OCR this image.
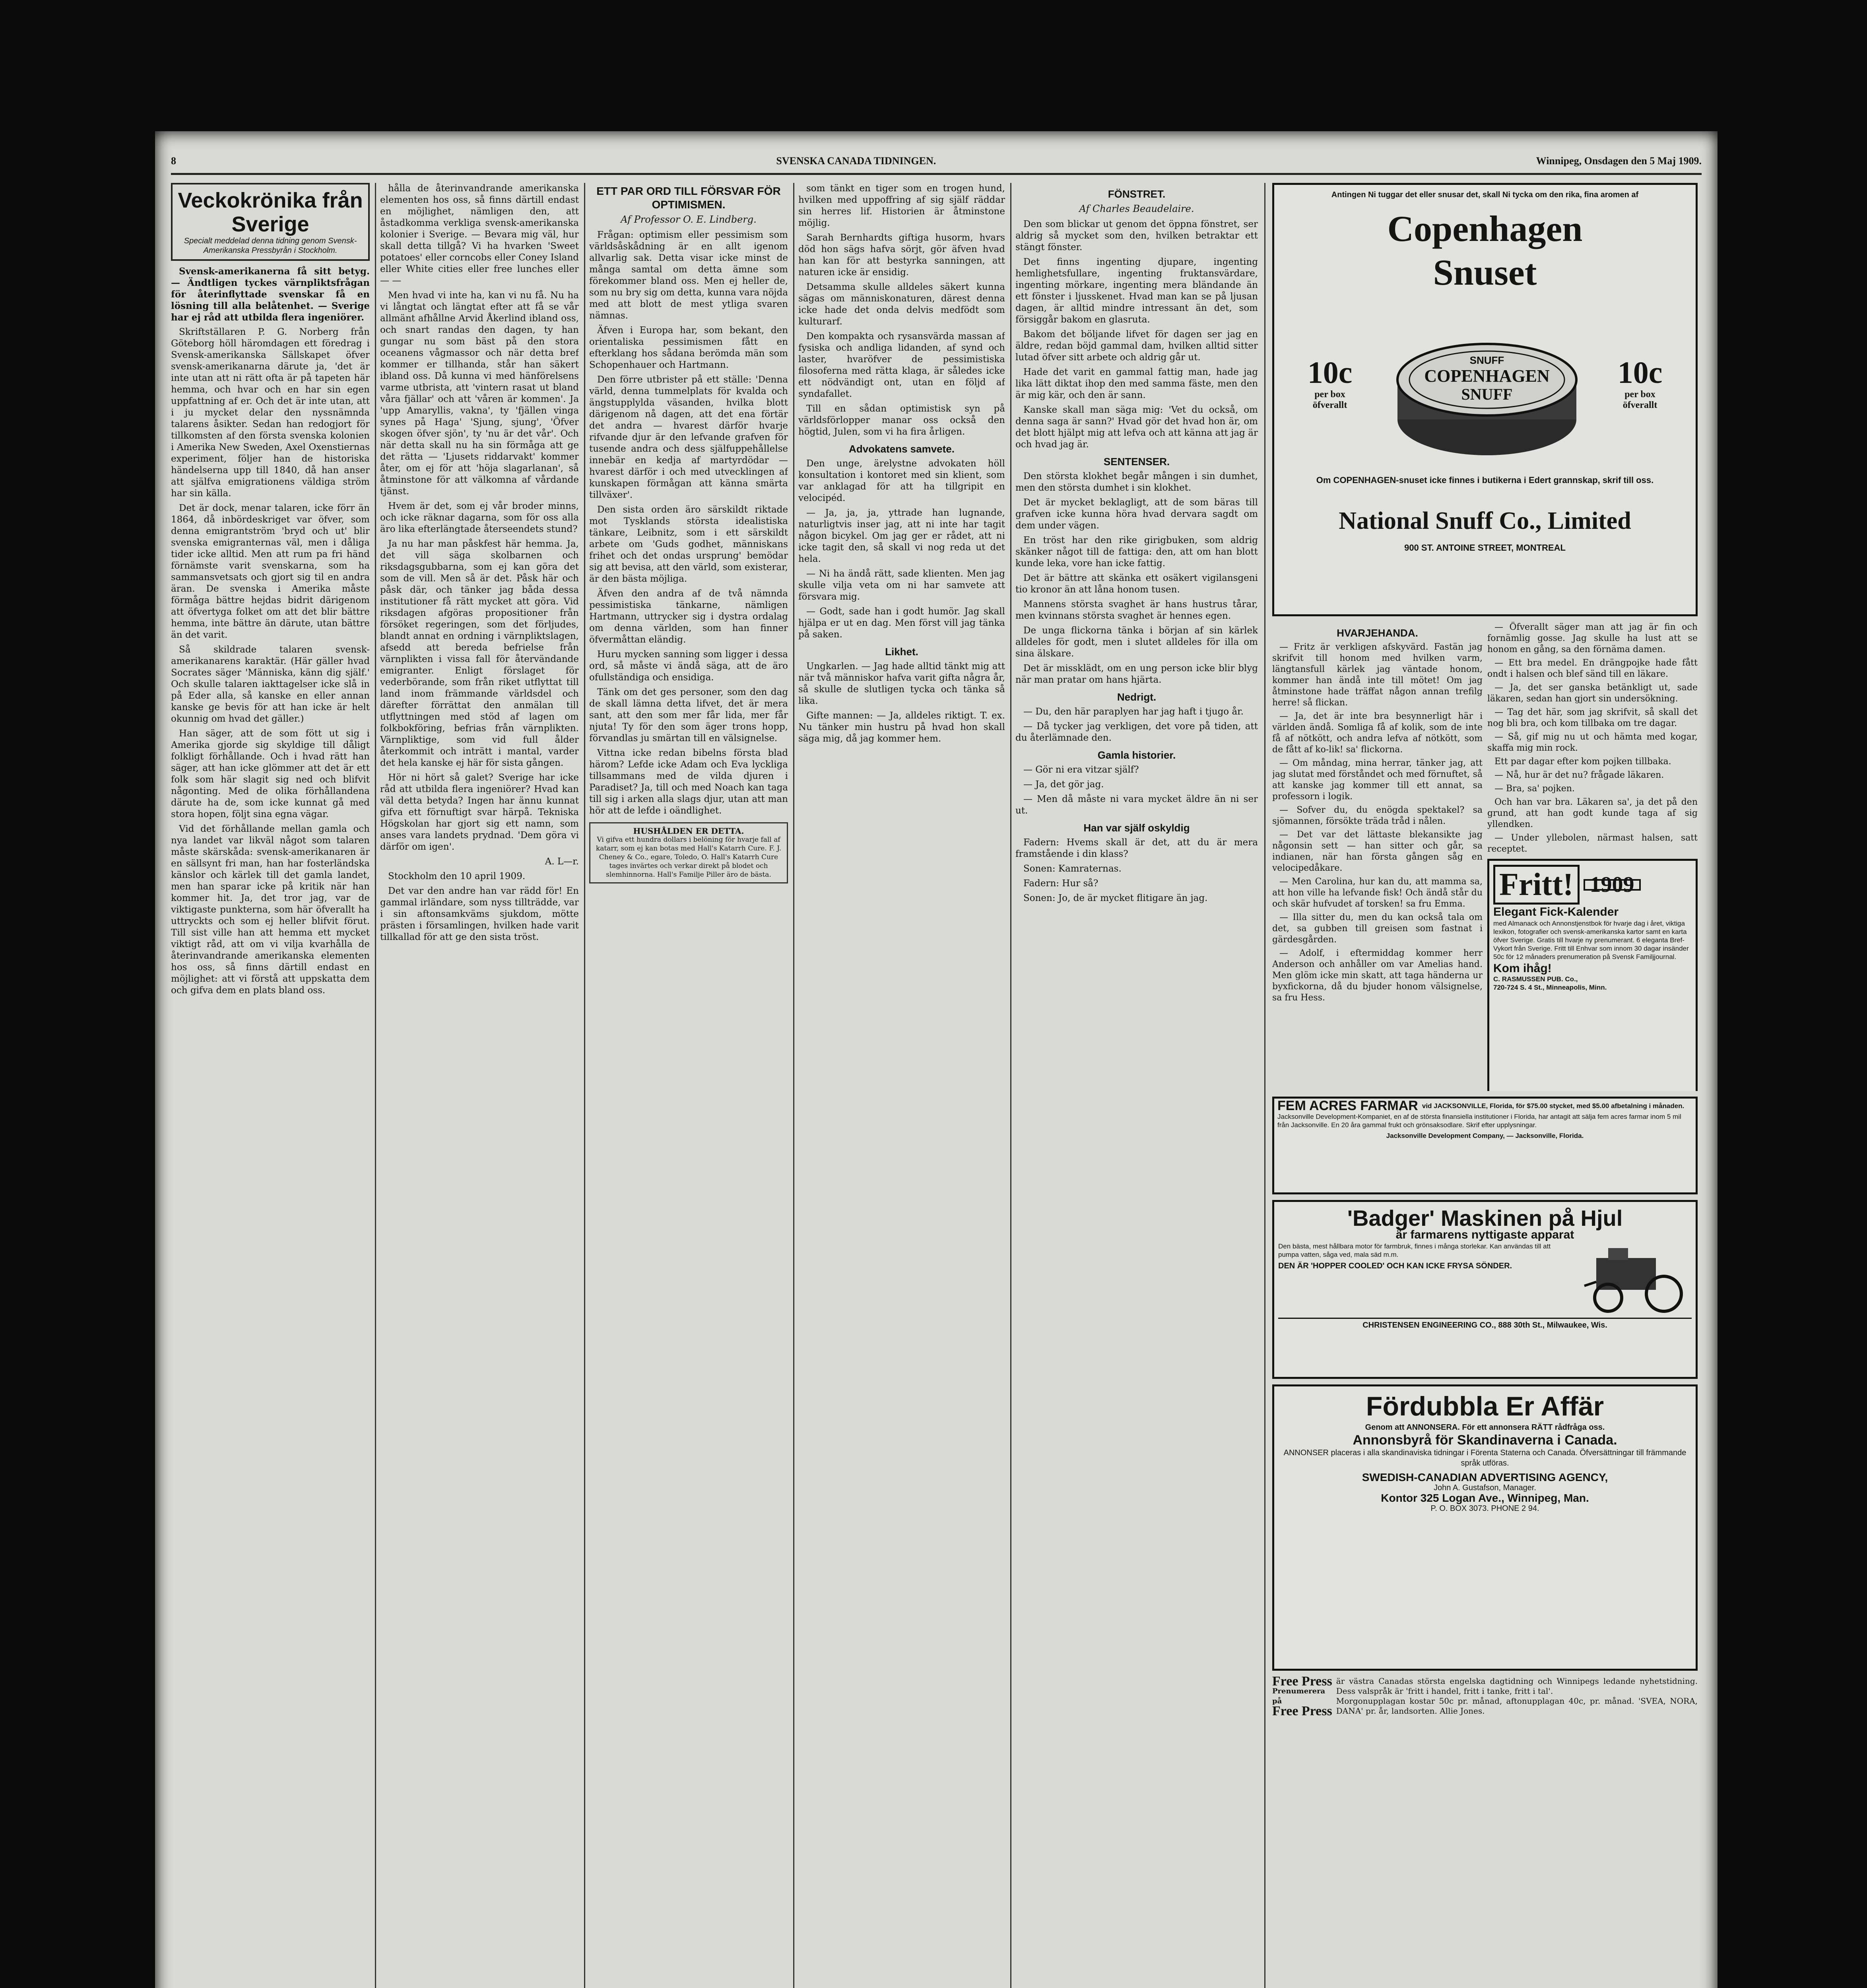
8	SVENSKA CANADA TIDNINGEN.	Winnipeg, Onsdagen den 5 Maj 1909.
Veckokrönika från Sverige
Specialt meddelad denna tidning genom Svensk-Amerikanska Pressbyrån i Stockholm.

Svensk-amerikanerna få sitt betyg. — Ändtligen tyckes värnpliktsfrågan för återinflyttade svenskar få en lösning till alla belåtenhet. — Sverige har ej råd att utbilda flera ingeniörer.

Skriftställaren P. G. Norberg från Göteborg höll häromdagen ett föredrag i Svensk-amerikanska Sällskapet öfver svensk-amerikanarna därute ja, 'det är inte utan att ni rätt ofta är på tapeten här hemma, och hvar och en har sin egen uppfattning af er. Och det är inte utan, att i ju mycket delar den nyssnämnda talarens åsikter. Sedan han redogjort för tillkomsten af den första svenska kolonien i Amerika New Sweden, Axel Oxenstiernas experiment, följer han de historiska händelserna upp till 1840, då han anser att själfva emigrationens väldiga ström har sin källa.

Det är dock, menar talaren, icke förr än 1864, då inbördeskriget var öfver, som denna emigrantström 'bryd och ut' blir svenska emigranternas väl, men i dåliga tider icke alltid. Men att rum pa fri händ förnämste varit svenskarna, som ha sammansvetsats och gjort sig til en andra äran. De svenska i Amerika måste förmåga bättre hejdas bidrit därigenom att öfvertyga folket om att det blir bättre hemma, inte bättre än därute, utan bättre än det varit.

Så skildrade talaren svensk-amerikanarens karaktär. (Här gäller hvad Socrates säger 'Människa, känn dig själf.' Och skulle talaren iakttagelser icke slå in på Eder alla, så kanske en eller annan kanske ge bevis för att han icke är helt okunnig om hvad det gäller.)

Han säger, att de som fött ut sig i Amerika gjorde sig skyldige till dåligt folkligt förhållande. Och i hvad rätt han säger, att han icke glömmer att det är ett folk som här slagit sig ned och blifvit någonting. Med de olika förhållandena därute ha de, som icke kunnat gå med stora hopen, följt sina egna vägar.

Vid det förhållande mellan gamla och nya landet var likväl något som talaren måste skärskåda: svensk-amerikanaren är en sällsynt fri man, han har fosterländska känslor och kärlek till det gamla landet, men han sparar icke på kritik när han kommer hit. Ja, det tror jag, var de viktigaste punkterna, som här öfverallt ha uttryckts och som ej heller blifvit förut. Till sist ville han att hemma ett mycket viktigt råd, att om vi vilja kvarhålla de återinvandrande amerikanska elementen hos oss, så finns därtill endast en möjlighet: att vi förstå att uppskatta dem och gifva dem en plats bland oss.

hålla de återinvandrande amerikanska elementen hos oss, så finns därtill endast en möjlighet, nämligen den, att åstadkomma verkliga svensk-amerikanska kolonier i Sverige. — Bevara mig väl, hur skall detta tillgå? Vi ha hvarken 'Sweet potatoes' eller corncobs eller Coney Island eller White cities eller free lunches eller — —

Men hvad vi inte ha, kan vi nu få. Nu ha vi långtat och längtat efter att få se vår allmänt afhållne Arvid Åkerlind ibland oss, och snart randas den dagen, ty han gungar nu som bäst på den stora oceanens vågmassor och när detta bref kommer er tillhanda, står han säkert ibland oss. Då kunna vi med hänförelsens varme utbrista, att 'vintern rasat ut bland våra fjällar' och att 'våren är kommen'. Ja 'upp Amaryllis, vakna', ty 'fjällen vinga synes på Haga' 'Sjung, sjung', 'Öfver skogen öfver sjön', ty 'nu är det vår'. Och när detta skall nu ha sin förmåga att ge det rätta — 'Ljusets riddarvakt' kommer åter, om ej för att 'höja slagarlanan', så åtminstone för att välkomna af vårdande tjänst.

Hvem är det, som ej vår broder minns, och icke räknar dagarna, som för oss alla äro lika efterlängtade återseendets stund?

Ja nu har man påskfest här hemma. Ja, det vill säga skolbarnen och riksdagsgubbarna, som ej kan göra det som de vill. Men så är det. Påsk här och påsk där, och tänker jag båda dessa institutioner få rätt mycket att göra. Vid riksdagen afgöras propositioner från försöket regeringen, som det förljudes, blandt annat en ordning i värnpliktslagen, afsedd att bereda befrielse från värnplikten i vissa fall för återvändande emigranter. Enligt förslaget för vederbörande, som från riket utflyttat till land inom främmande världsdel och därefter förrättat den anmälan till utflyttningen med stöd af lagen om folkbokföring, befrias från värnplikten. Värnpliktige, som vid full ålder återkommit och inträtt i mantal, varder det hela kanske ej här för sista gången.

Hör ni hört så galet? Sverige har icke råd att utbilda flera ingeniörer? Hvad kan väl detta betyda? Ingen har ännu kunnat gifva ett förnuftigt svar härpå. Tekniska Högskolan har gjort sig ett namn, som anses vara landets prydnad. 'Dem göra vi därför om igen'.

A. L—r.

Stockholm den 10 april 1909.

Det var den andre han var rädd för! En gammal irländare, som nyss tillträdde, var i sin aftonsamkväms sjukdom, mötte prästen i församlingen, hvilken hade varit tillkallad för att ge den sista tröst.

ETT PAR ORD TILL FÖRSVAR FÖR OPTIMISMEN.
Af Professor O. E. Lindberg.

Frågan: optimism eller pessimism som världsåskådning är en allt igenom allvarlig sak. Detta visar icke minst de många samtal om detta ämne som förekommer bland oss. Men ej heller de, som nu bry sig om detta, kunna vara nöjda med att blott de mest ytliga svaren nämnas.

Äfven i Europa har, som bekant, den orientaliska pessimismen fått en efterklang hos sådana berömda män som Schopenhauer och Hartmann.

Den förre utbrister på ett ställe: 'Denna värld, denna tummelplats för kvalda och ängstupplylda väsanden, hvilka blott därigenom nå dagen, att det ena förtär det andra — hvarest därför hvarje rifvande djur är den lefvande grafven för tusende andra och dess själfuppehållelse innebär en kedja af martyrdödar — hvarest därför i och med utvecklingen af kunskapen förmågan att känna smärta tillväxer'.

Den sista orden äro särskildt riktade mot Tysklands största idealistiska tänkare, Leibnitz, som i ett särskildt arbete om 'Guds godhet, människans frihet och det ondas ursprung' bemödar sig att bevisa, att den värld, som existerar, är den bästa möjliga.

Äfven den andra af de två nämnda pessimistiska tänkarne, nämligen Hartmann, uttrycker sig i dystra ordalag om denna världen, som han finner öfvermåttan eländig.

Huru mycken sanning som ligger i dessa ord, så måste vi ändå säga, att de äro ofullständiga och ensidiga.

Tänk om det ges personer, som den dag de skall lämna detta lifvet, det är mera sant, att den som mer får lida, mer får njuta! Ty för den som äger trons hopp, förvandlas ju smärtan till en välsignelse.

Vittna icke redan bibelns första blad härom? Lefde icke Adam och Eva lyckliga tillsammans med de vilda djuren i Paradiset? Ja, till och med Noach kan taga till sig i arken alla slags djur, utan att man hör att de lefde i oändlighet.

HUSHÅLDEN ER DETTA.
Vi gifva ett hundra dollars i belöning för hvarje fall af katarr, som ej kan botas med Hall's Katarrh Cure. F. J. Cheney & Co., egare, Toledo, O. Hall's Katarrh Cure tages invärtes och verkar direkt på blodet och slemhinnorna. Hall's Familje Piller äro de bästa.

som tänkt en tiger som en trogen hund, hvilken med uppoffring af sig själf räddar sin herres lif. Historien är åtminstone möjlig.

Sarah Bernhardts giftiga husorm, hvars död hon sägs hafva sörjt, gör äfven hvad han kan för att bestyrka sanningen, att naturen icke är ensidig.

Detsamma skulle alldeles säkert kunna sägas om människonaturen, därest denna icke hade det onda delvis medfödt som kulturarf.

Den kompakta och rysansvärda massan af fysiska och andliga lidanden, af synd och laster, hvaröfver de pessimistiska filosoferna med rätta klaga, är således icke ett nödvändigt ont, utan en följd af syndafallet.

Till en sådan optimistisk syn på världsförlopper manar oss också den högtid, Julen, som vi ha fira årligen.

Advokatens samvete.

Den unge, ärelystne advokaten höll konsultation i kontoret med sin klient, som var anklagad för att ha tillgripit en velocipéd.

— Ja, ja, ja, yttrade han lugnande, naturligtvis inser jag, att ni inte har tagit någon bicykel. Om jag ger er rådet, att ni icke tagit den, så skall vi nog reda ut det hela.

— Ni ha ändå rätt, sade klienten. Men jag skulle vilja veta om ni har samvete att försvara mig.

— Godt, sade han i godt humör. Jag skall hjälpa er ut en dag. Men först vill jag tänka på saken.

Likhet.

Ungkarlen. — Jag hade alltid tänkt mig att när två människor hafva varit gifta några år, så skulle de slutligen tycka och tänka så lika.

Gifte mannen: — Ja, alldeles riktigt. T. ex. Nu tänker min hustru på hvad hon skall säga mig, då jag kommer hem.

FÖNSTRET.
Af Charles Beaudelaire.

Den som blickar ut genom det öppna fönstret, ser aldrig så mycket som den, hvilken betraktar ett stängt fönster.

Det finns ingenting djupare, ingenting hemlighetsfullare, ingenting fruktansvärdare, ingenting mörkare, ingenting mera bländande än ett fönster i ljusskenet. Hvad man kan se på ljusan dagen, är alltid mindre intressant än det, som försiggår bakom en glasruta.

Bakom det böljande lifvet för dagen ser jag en äldre, redan böjd gammal dam, hvilken alltid sitter lutad öfver sitt arbete och aldrig går ut.

Hade det varit en gammal fattig man, hade jag lika lätt diktat ihop den med samma fäste, men den är mig kär, och den är sann.

Kanske skall man säga mig: 'Vet du också, om denna saga är sann?' Hvad gör det hvad hon är, om det blott hjälpt mig att lefva och att känna att jag är och hvad jag är.

SENTENSER.

Den största klokhet begår mången i sin dumhet, men den största dumhet i sin klokhet.

Det är mycket beklagligt, att de som bäras till grafven icke kunna höra hvad dervara sagdt om dem under vägen.

En tröst har den rike girigbuken, som aldrig skänker något till de fattiga: den, att om han blott kunde leka, vore han icke fattig.

Det är bättre att skänka ett osäkert vigilansgeni tio kronor än att låna honom tusen.

Mannens största svaghet är hans hustrus tårar, men kvinnans största svaghet är hennes egen.

De unga flickorna tänka i början af sin kärlek alldeles för godt, men i slutet alldeles för illa om sina älskare.

Det är missklädt, om en ung person icke blir blyg när man pratar om hans hjärta.

Nedrigt.

— Du, den här paraplyen har jag haft i tjugo år.

— Då tycker jag verkligen, det vore på tiden, att du återlämnade den.

Gamla historier.

— Gör ni era vitzar själf?

— Ja, det gör jag.

— Men då måste ni vara mycket äldre än ni ser ut.

Han var själf oskyldig

Fadern: Hvems skall är det, att du är mera framstående i din klass?

Sonen: Kamraternas.

Fadern: Hur så?

Sonen: Jo, de är mycket flitigare än jag.

Antingen Ni tuggar det eller snusar det, skall Ni tycka om den rika, fina aromen af
Copenhagen
Snuset
10c
per box
öfverallt
SNUFF
COPENHAGEN
SNUFF
10c
per box
öfverallt
Om COPENHAGEN-snuset icke finnes i butikerna i Edert grannskap, skrif till oss.
National Snuff Co., Limited
900 ST. ANTOINE STREET, MONTREAL
HVARJEHANDA.

— Fritz är verkligen afskyvärd. Fastän jag skrifvit till honom med hvilken varm, längtansfull kärlek jag väntade honom, kommer han ändå inte till mötet! Om jag åtminstone hade träffat någon annan trefilg herre! så flickan.

— Ja, det är inte bra besynnerligt här i världen ändå. Somliga få af kolik, som de inte få af nötkött, och andra lefva af nötkött, som de fått af ko-lik! sa' flickorna.

— Om måndag, mina herrar, tänker jag, att jag slutat med förståndet och med förnuftet, så att kanske jag kommer till ett annat, sa professorn i logik.

— Sofver du, du enögda spektakel? sa sjömannen, försökte träda tråd i nålen.

— Det var det lättaste blekansikte jag någonsin sett — han sitter och går, sa indianen, när han första gången såg en velocipedåkare.

— Men Carolina, hur kan du, att mamma sa, att hon ville ha lefvande fisk! Och ändå står du och skär hufvudet af torsken! sa fru Emma.

— Illa sitter du, men du kan också tala om det, sa gubben till greisen som fastnat i gärdesgården.

— Adolf, i eftermiddag kommer herr Anderson och anhåller om var Amelias hand. Men glöm icke min skatt, att taga händerna ur byxfickorna, då du bjuder honom välsignelse, sa fru Hess.

— Öfverallt säger man att jag är fin och fornämlig gosse. Jag skulle ha lust att se honom en gång, sa den förnäma damen.

— Ett bra medel. En drängpojke hade fått ondt i halsen och blef sänd till en läkare.

— Ja, det ser ganska betänkligt ut, sade läkaren, sedan han gjort sin undersökning.

— Tag det här, som jag skrifvit, så skall det nog bli bra, och kom tillbaka om tre dagar.

— Så, gif mig nu ut och hämta med kogar, skaffa mig min rock.

Ett par dagar efter kom pojken tillbaka.

— Nå, hur är det nu? frågade läkaren.

— Bra, sa' pojken.

Och han var bra. Läkaren sa', ja det på den grund, att han godt kunde taga af sig yllendken.

— Under yllebolen, närmast halsen, satt receptet.

Fritt! 1909
Elegant Fick-Kalender
med Almanack och Annonstjenstbok för hvarje dag i året, viktiga lexikon, fotografier och svensk-amerikanska kartor samt en karta öfver Sverige. Gratis till hvarje ny prenumerant. 6 eleganta Bref-Vykort från Sverige. Fritt till Enhvar som innom 30 dagar insänder 50c för 12 månaders prenumeration på Svensk Familjjournal.
Kom ihåg!
C. RASMUSSEN PUB. Co.,
720-724 S. 4 St., Minneapolis, Minn.
FEM ACRES FARMAR vid JACKSONVILLE, Florida, för $75.00 stycket, med $5.00 afbetalning i månaden.
Jacksonville Development-Kompaniet, en af de största finansiella institutioner i Florida, har antagit att sälja fem acres farmar inom 5 mil från Jacksonville. En 20 åra gammal frukt och grönsaksodlare. Skrif efter upplysningar.
Jacksonville Development Company, — Jacksonville, Florida.
'Badger' Maskinen på Hjul
är farmarens nyttigaste apparat
Den bästa, mest hållbara motor för farmbruk, finnes i många storlekar. Kan användas till att pumpa vatten, såga ved, mala säd m.m.
DEN ÄR 'HOPPER COOLED' OCH KAN ICKE FRYSA SÖNDER.
CHRISTENSEN ENGINEERING CO., 888 30th St., Milwaukee, Wis.
Fördubbla Er Affär
Genom att ANNONSERA. För ett annonsera RÄTT rådfråga oss.
Annonsbyrå för Skandinaverna i Canada.
ANNONSER placeras i alla skandinaviska tidningar i Förenta Staterna och Canada. Öfversättningar till främmande språk utföras.
SWEDISH-CANADIAN ADVERTISING AGENCY,
John A. Gustafson, Manager.
Kontor 325 Logan Ave., Winnipeg, Man.
P. O. BOX 3073. PHONE 2 94.
Free Press
Prenumerera på
Free Press
är västra Canadas största engelska dagtidning och Winnipegs ledande nyhetstidning. Dess valspråk är 'fritt i handel, fritt i tanke, fritt i tal'.
Morgonupplagan kostar 50c pr. månad, aftonupplagan 40c, pr. månad. 'SVEA, NORA, DANA' pr. år, landsorten. Allie Jones.
